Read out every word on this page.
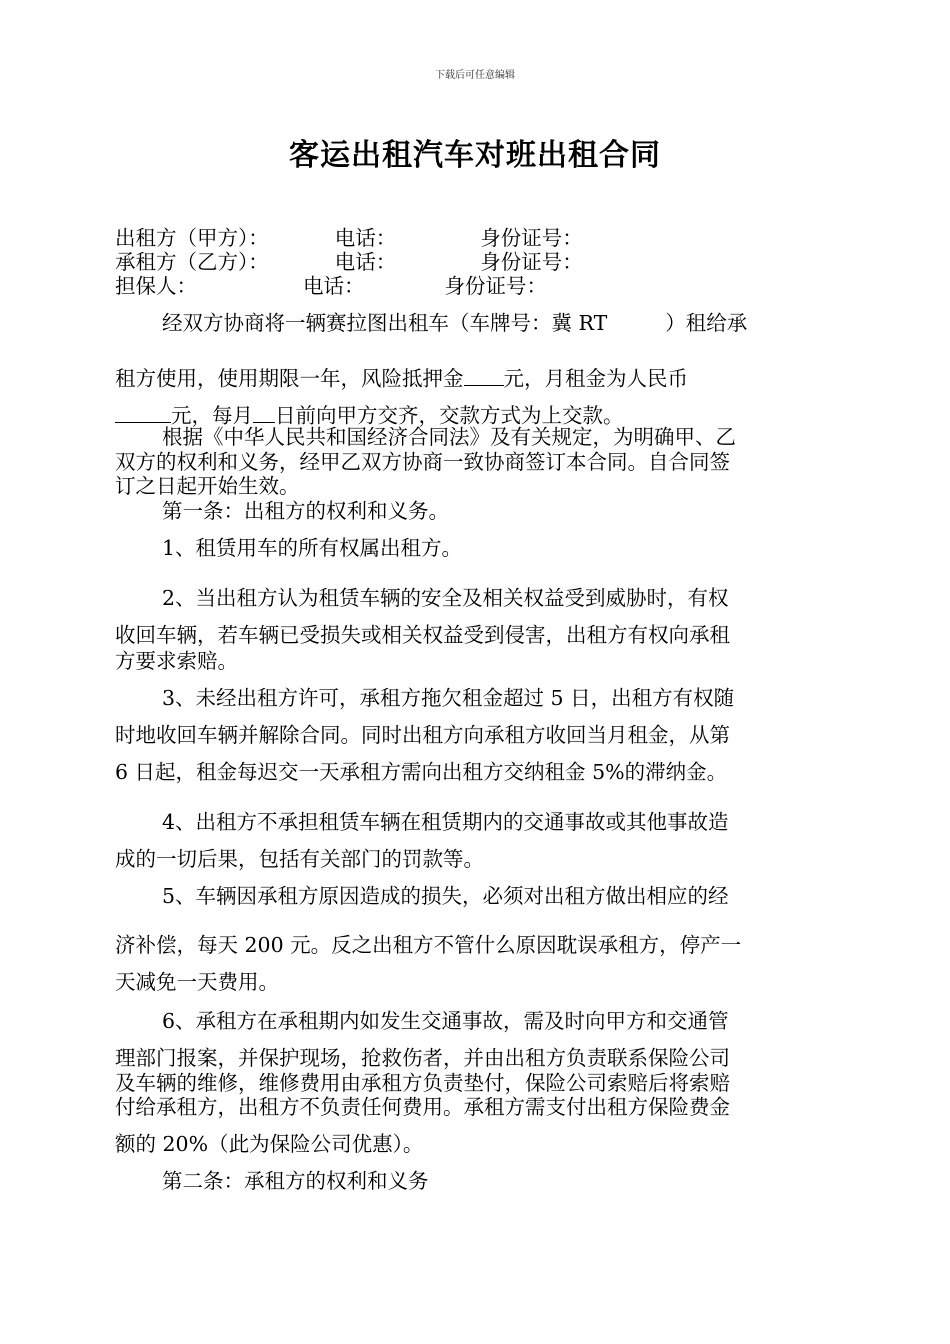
下载后可任意编辑
客运出租汽车对班出租合同
出租方（甲方）：	电话：	身份证号：
承租方（乙方）：	电话：	身份证号：
担保人：	电话：	身份证号：
经双方协商将一辆赛拉图出租车（车牌号：冀 RT	）租给承
租方使用，使用期限一年，风险抵押金 元，月租金为人民币
元，每月 日前向甲方交齐，交款方式为上交款。
根据《中华人民共和国经济合同法》及有关规定，为明确甲、乙
双方的权利和义务，经甲乙双方协商一致协商签订本合同。自合同签
订之日起开始生效。
第一条：出租方的权利和义务。
1、租赁用车的所有权属出租方。
2、当出租方认为租赁车辆的安全及相关权益受到威胁时，有权
收回车辆，若车辆已受损失或相关权益受到侵害，出租方有权向承租
方要求索赔。
3、未经出租方许可，承租方拖欠租金超过 5 日，出租方有权随
时地收回车辆并解除合同。同时出租方向承租方收回当月租金，从第
6 日起，租金每迟交一天承租方需向出租方交纳租金 5%的滞纳金。
4、出租方不承担租赁车辆在租赁期内的交通事故或其他事故造
成的一切后果，包括有关部门的罚款等。
5、车辆因承租方原因造成的损失，必须对出租方做出相应的经
济补偿，每天 200 元。反之出租方不管什么原因耽误承租方，停产一
天减免一天费用。
6、承租方在承租期内如发生交通事故，需及时向甲方和交通管
理部门报案，并保护现场，抢救伤者，并由出租方负责联系保险公司
及车辆的维修，维修费用由承租方负责垫付，保险公司索赔后将索赔
付给承租方，出租方不负责任何费用。承租方需支付出租方保险费金
额的 20%（此为保险公司优惠）。
第二条：承租方的权利和义务
